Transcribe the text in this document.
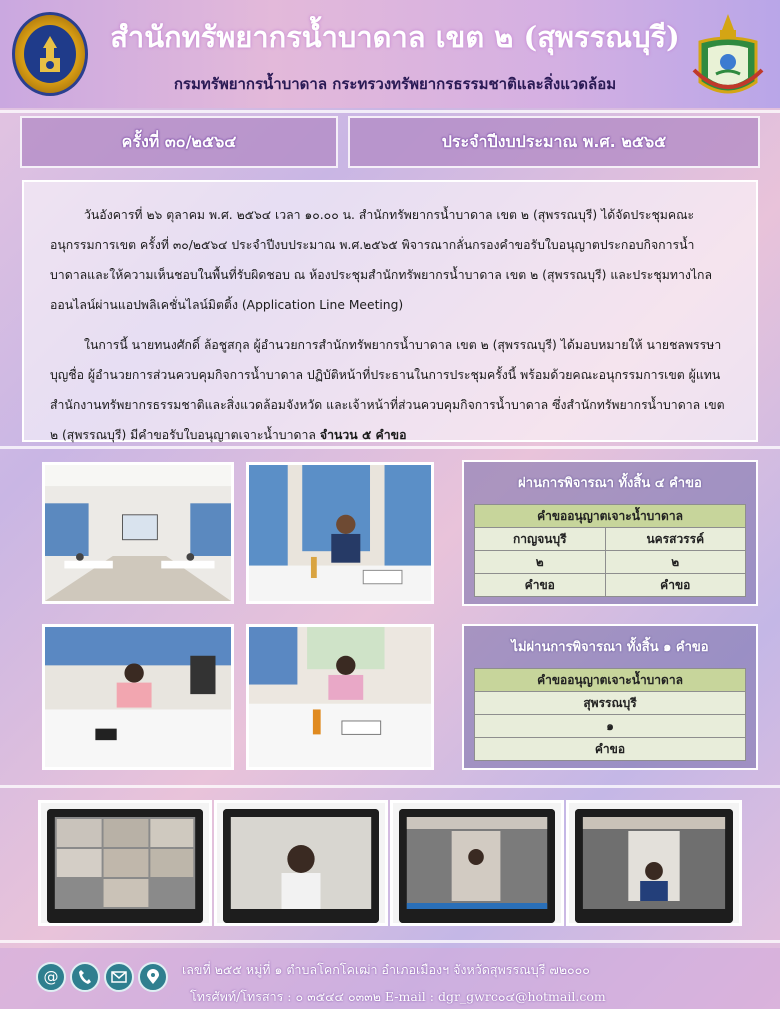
สำนักทรัพยากรน้ำบาดาล เขต ๒ (สุพรรณบุรี)
กรมทรัพยากรน้ำบาดาล กระทรวงทรัพยากรธรรมชาติและสิ่งแวดล้อม
ครั้งที่ ๓๐/๒๕๖๔	ประจำปีงบประมาณ พ.ศ. ๒๕๖๕

วันอังคารที่ ๒๖ ตุลาคม พ.ศ. ๒๕๖๔ เวลา ๑๐.๐๐ น. สำนักทรัพยากรน้ำบาดาล เขต ๒ (สุพรรณบุรี) ได้จัดประชุมคณะอนุกรรมการเขต ครั้งที่ ๓๐/๒๕๖๔ ประจำปีงบประมาณ พ.ศ.๒๕๖๕ พิจารณากลั่นกรองคำขอรับใบอนุญาตประกอบกิจการน้ำบาดาลและให้ความเห็นชอบในพื้นที่รับผิดชอบ ณ ห้องประชุมสำนักทรัพยากรน้ำบาดาล เขต ๒ (สุพรรณบุรี) และประชุมทางไกลออนไลน์ผ่านแอปพลิเคชั่นไลน์มิตติ้ง (Application Line Meeting)

ในการนี้ นายทนงศักดิ์ ล้อชูสกุล ผู้อำนวยการสำนักทรัพยากรน้ำบาดาล เขต ๒ (สุพรรณบุรี) ได้มอบหมายให้ นายชลพรรษา บุญชื่อ ผู้อำนวยการส่วนควบคุมกิจการน้ำบาดาล ปฏิบัติหน้าที่ประธานในการประชุมครั้งนี้ พร้อมด้วยคณะอนุกรรมการเขต ผู้แทนสำนักงานทรัพยากรธรรมชาติและสิ่งแวดล้อมจังหวัด และเจ้าหน้าที่ส่วนควบคุมกิจการน้ำบาดาล ซึ่งสำนักทรัพยากรน้ำบาดาล เขต ๒ (สุพรรณบุรี) มีคำขอรับใบอนุญาตเจาะน้ำบาดาล จำนวน ๕ คำขอ

ผ่านการพิจารณา ทั้งสิ้น ๔ คำขอ
คำขออนุญาตเจาะน้ำบาดาล	
กาญจนบุรี	นครสวรรค์
๒	๒
คำขอ	คำขอ
ไม่ผ่านการพิจารณา ทั้งสิ้น ๑ คำขอ
คำขออนุญาตเจาะน้ำบาดาล
สุพรรณบุรี
๑
คำขอ
@	เลขที่ ๒๕๕ หมู่ที่ ๑ ตำบลโคกโคเฒ่า อำเภอเมืองฯ จังหวัดสุพรรณบุรี ๗๒๐๐๐
โทรศัพท์/โทรสาร : ๐ ๓๕๔๔ ๐๓๓๒ E-mail : dgr_gwrc๐๔@hotmail.com
